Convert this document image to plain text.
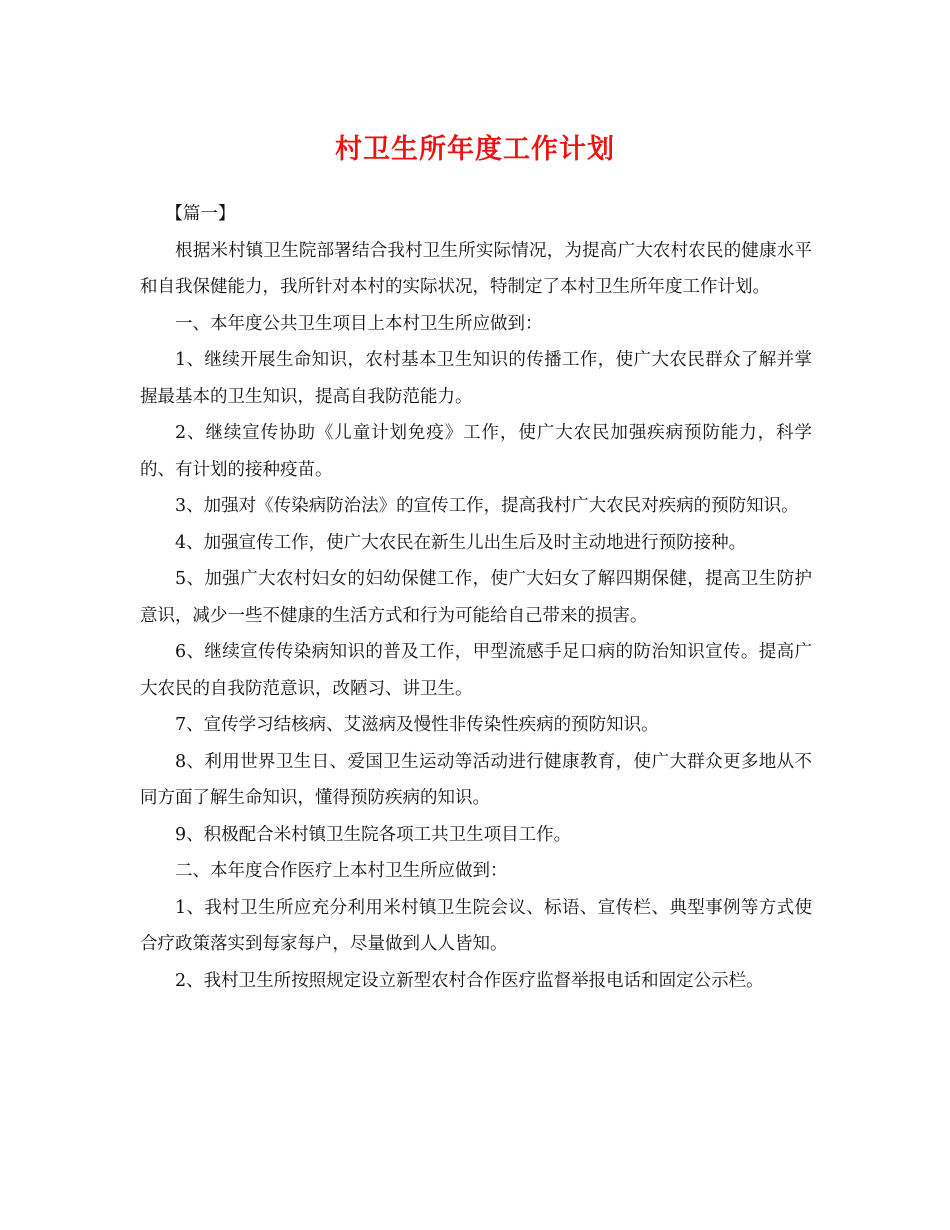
村卫生所年度工作计划

【篇一】

根据米村镇卫生院部署结合我村卫生所实际情况，为提高广大农村农民的健康水平和自我保健能力，我所针对本村的实际状况，特制定了本村卫生所年度工作计划。

一、本年度公共卫生项目上本村卫生所应做到：

1、继续开展生命知识，农村基本卫生知识的传播工作，使广大农民群众了解并掌握最基本的卫生知识，提高自我防范能力。

2、继续宣传协助《儿童计划免疫》工作，使广大农民加强疾病预防能力，科学的、有计划的接种疫苗。

3、加强对《传染病防治法》的宣传工作，提高我村广大农民对疾病的预防知识。

4、加强宣传工作，使广大农民在新生儿出生后及时主动地进行预防接种。

5、加强广大农村妇女的妇幼保健工作，使广大妇女了解四期保健，提高卫生防护意识，减少一些不健康的生活方式和行为可能给自己带来的损害。

6、继续宣传传染病知识的普及工作，甲型流感手足口病的防治知识宣传。提高广大农民的自我防范意识，改陋习、讲卫生。

7、宣传学习结核病、艾滋病及慢性非传染性疾病的预防知识。

8、利用世界卫生日、爱国卫生运动等活动进行健康教育，使广大群众更多地从不同方面了解生命知识，懂得预防疾病的知识。

9、积极配合米村镇卫生院各项工共卫生项目工作。

二、本年度合作医疗上本村卫生所应做到：

1、我村卫生所应充分利用米村镇卫生院会议、标语、宣传栏、典型事例等方式使合疗政策落实到每家每户，尽量做到人人皆知。

2、我村卫生所按照规定设立新型农村合作医疗监督举报电话和固定公示栏。
